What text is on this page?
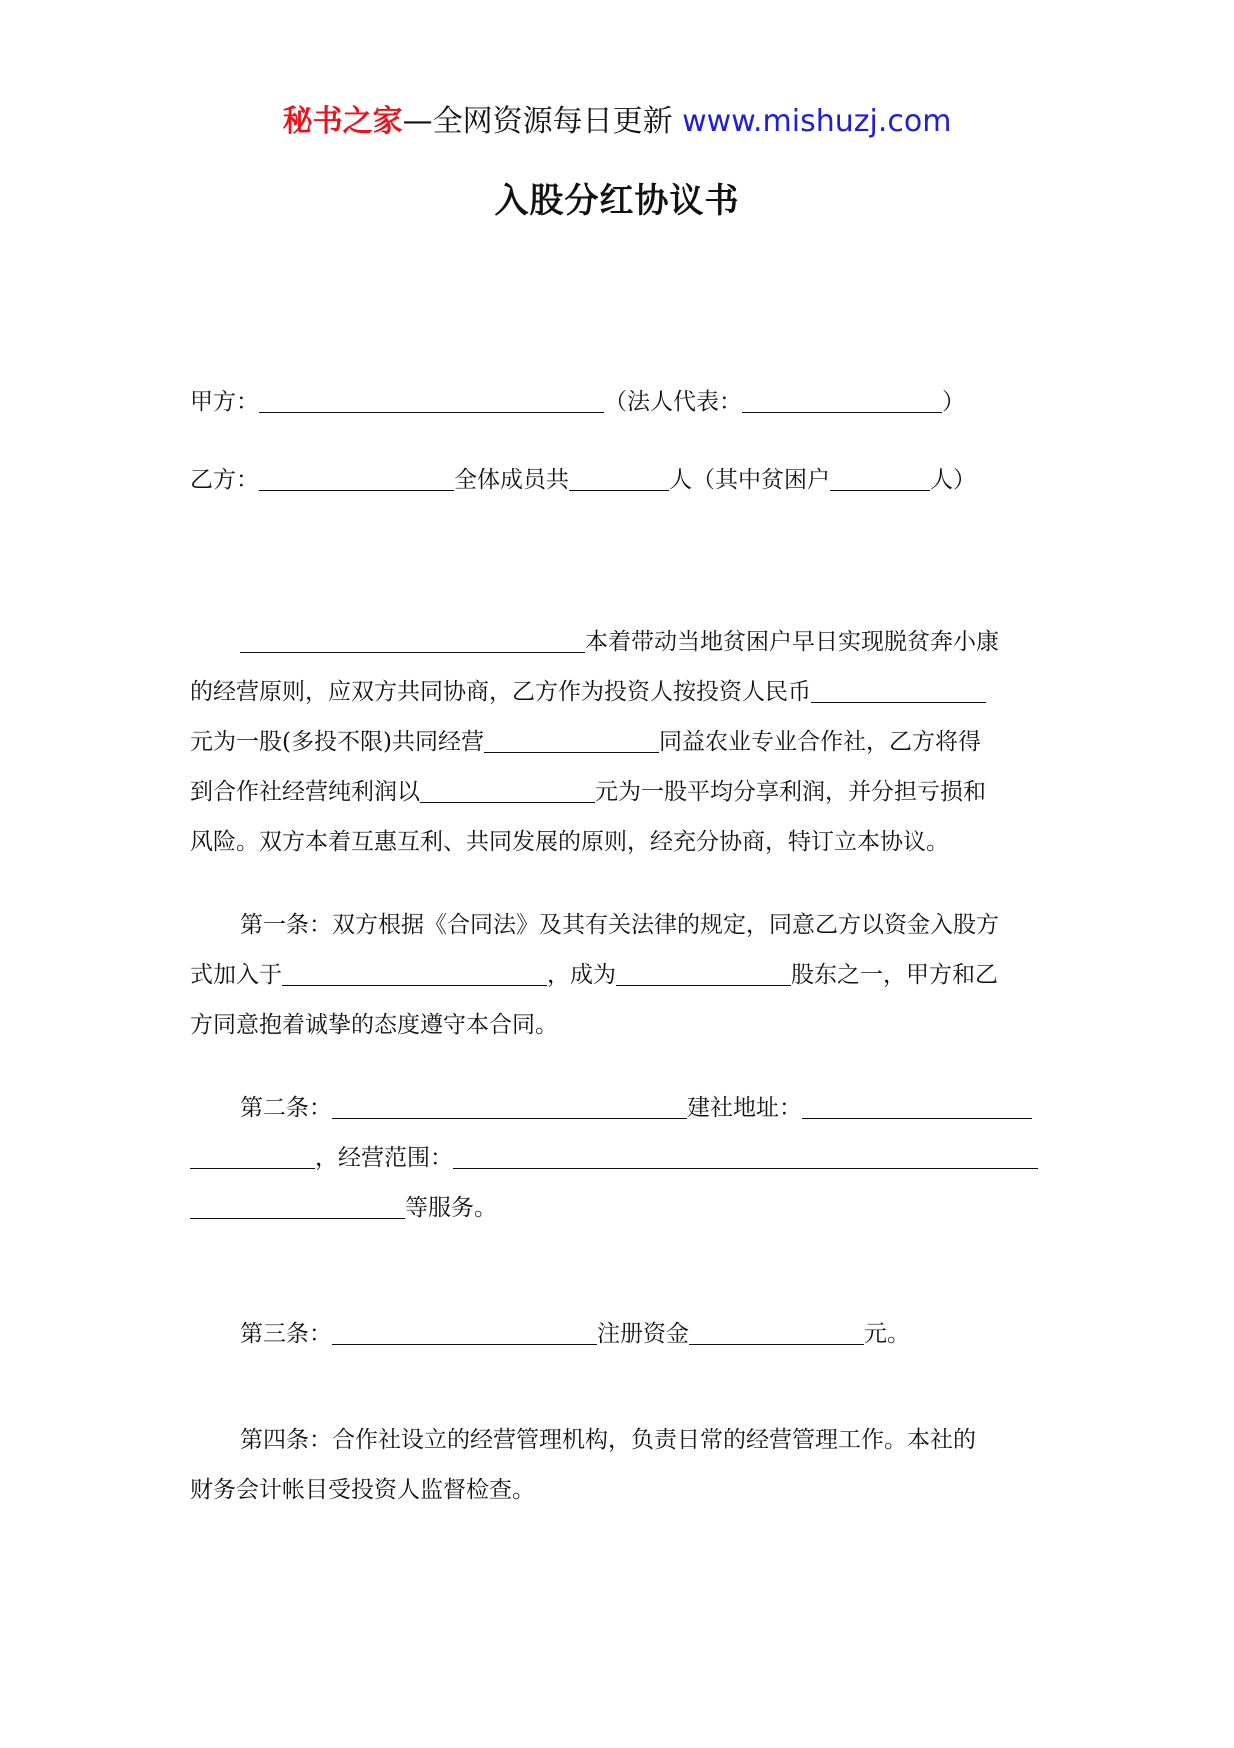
秘书之家—全网资源每日更新 www.mishuzj.com
入股分红协议书
甲方：	（法人代表：	）
乙方：	全体成员共	人（其中贫困户	人）
本着带动当地贫困户早日实现脱贫奔小康
的经营原则，应双方共同协商，乙方作为投资人按投资人民币
元为一股(多投不限)共同经营	同益农业专业合作社，乙方将得
到合作社经营纯利润以	元为一股平均分享利润，并分担亏损和
风险。双方本着互惠互利、共同发展的原则，经充分协商，特订立本协议。
第一条：双方根据《合同法》及其有关法律的规定，同意乙方以资金入股方
式加入于	，成为	股东之一，甲方和乙
方同意抱着诚挚的态度遵守本合同。
第二条：	建社地址：
，经营范围：
等服务。
第三条：	注册资金	元。
第四条：合作社设立的经营管理机构，负责日常的经营管理工作。本社的
财务会计帐目受投资人监督检查。
